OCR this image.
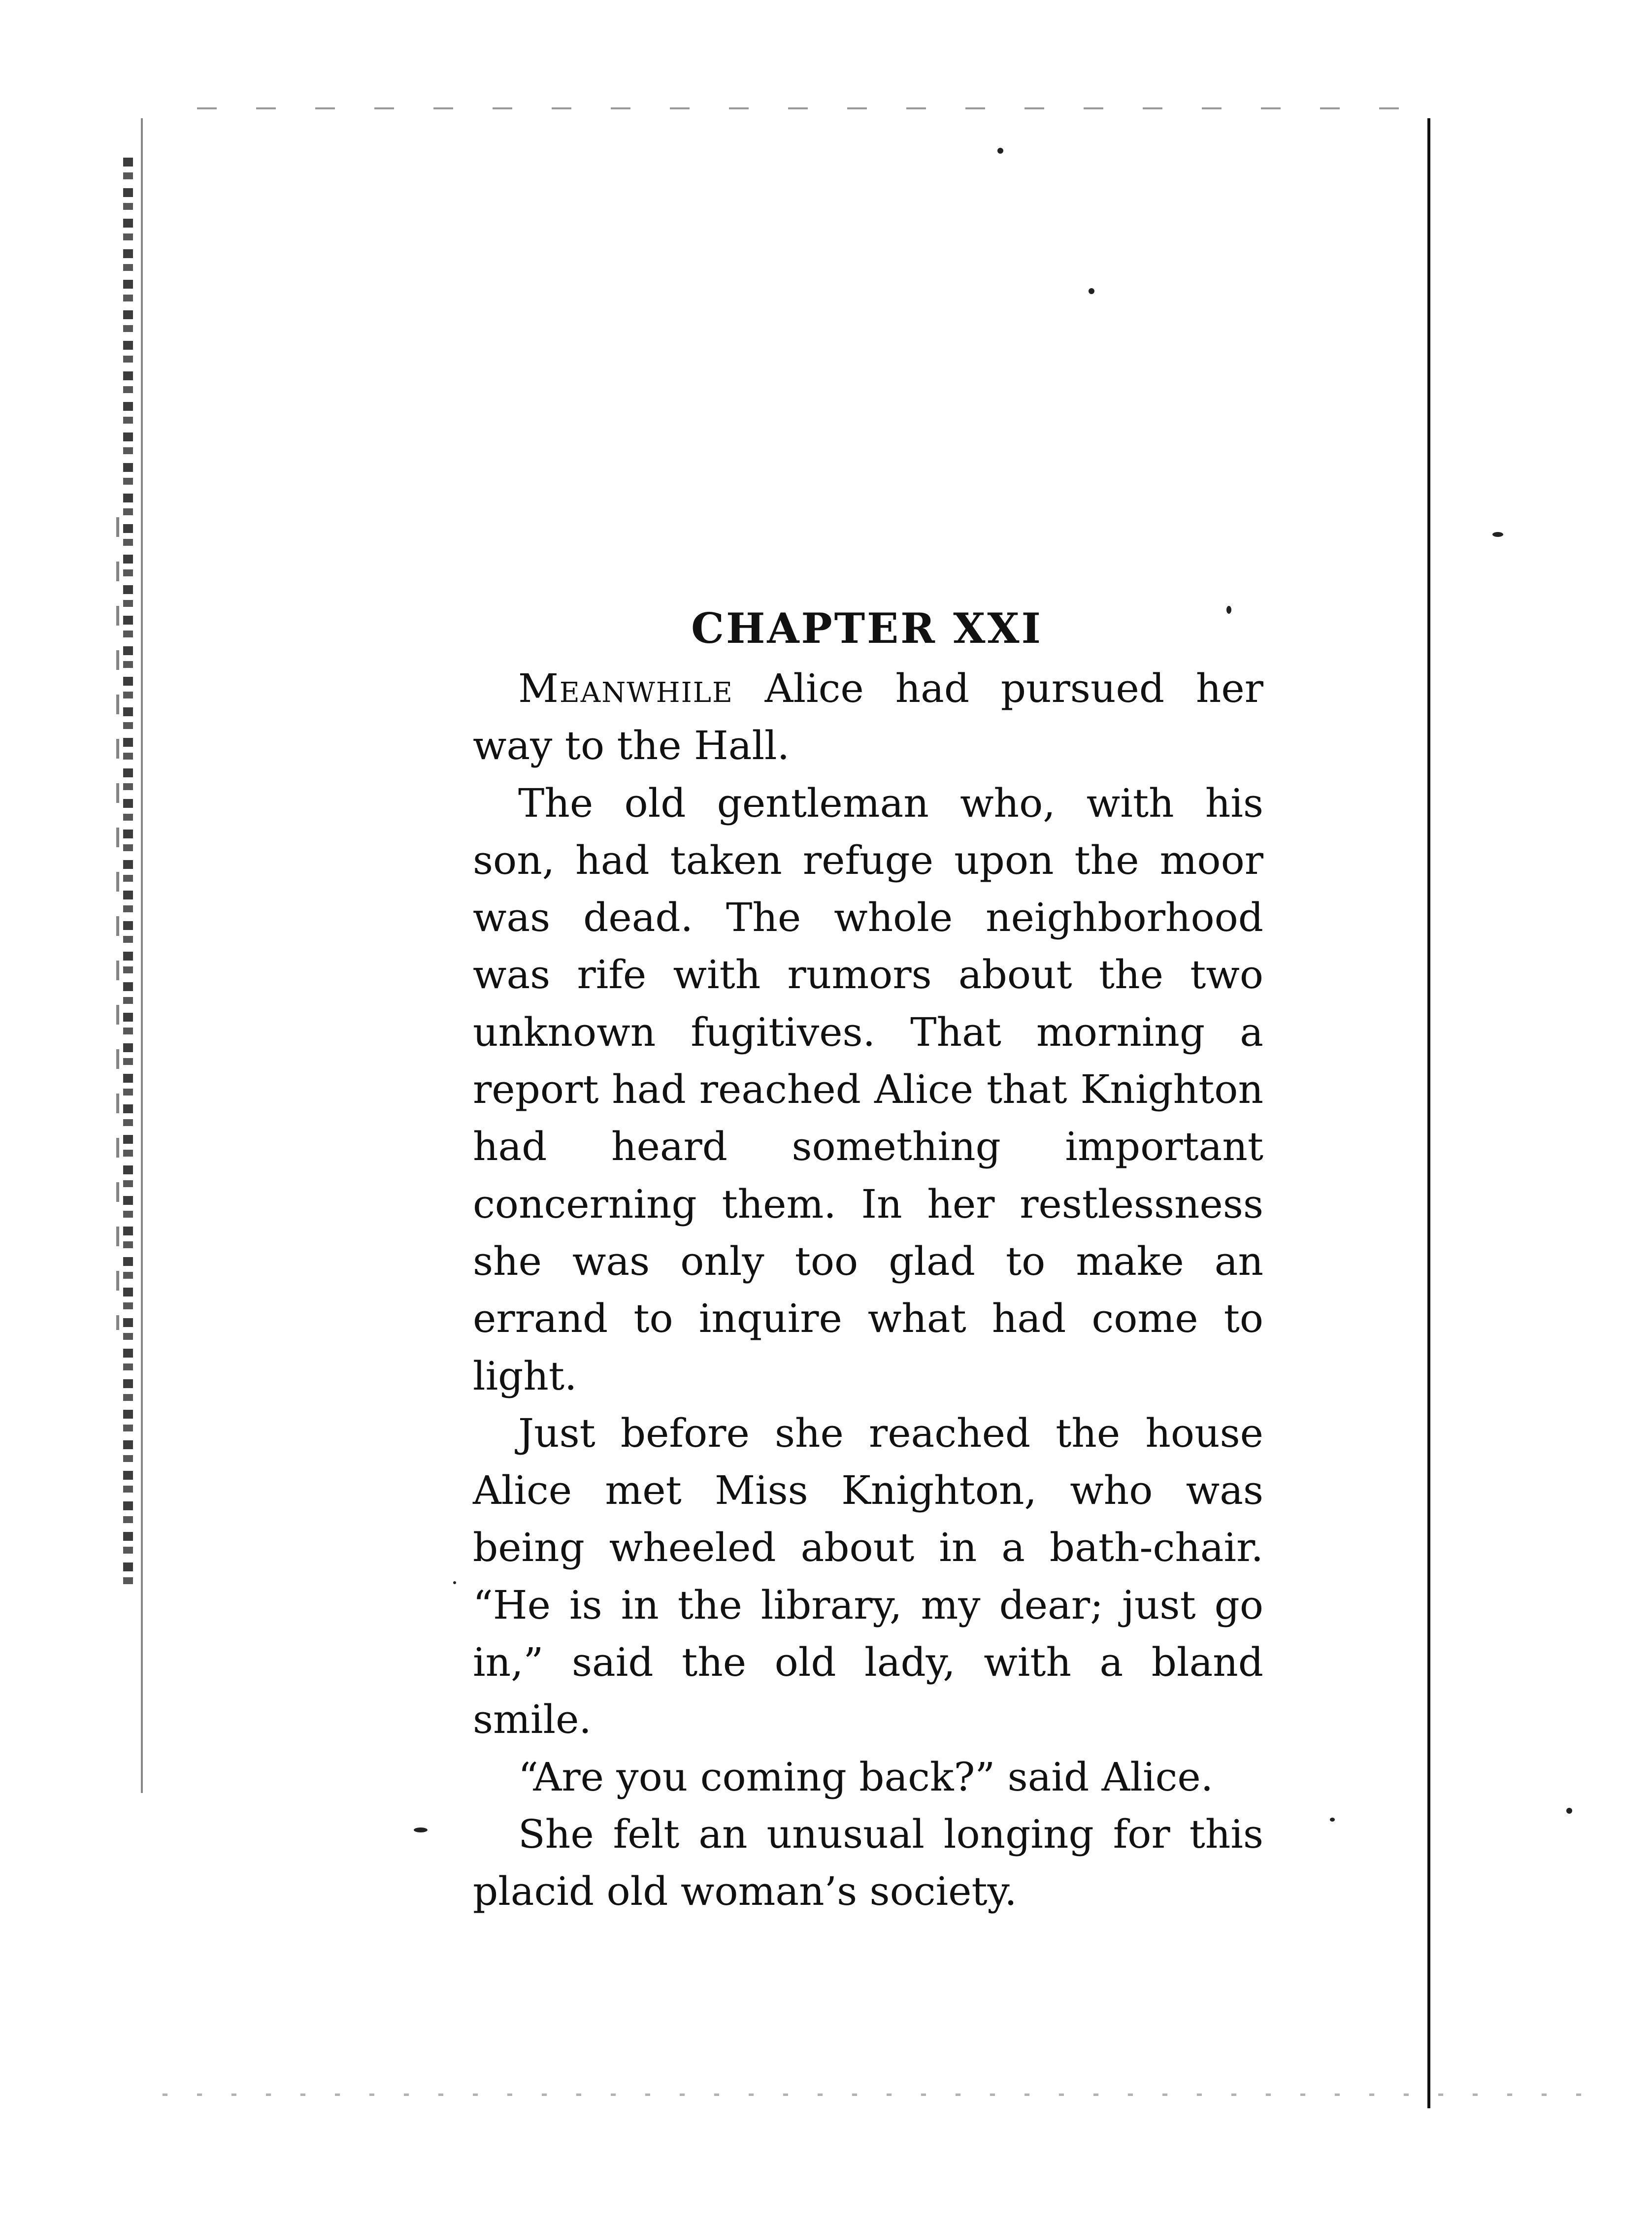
CHAPTER XXI

Meanwhile Alice had pursued her way to the Hall.

The old gentleman who, with his son, had taken refuge upon the moor was dead. The whole neighborhood was rife with rumors about the two unknown fugitives. That morning a report had reached Alice that Knighton had heard something important concerning them. In her restlessness she was only too glad to make an errand to inquire what had come to light.

Just before she reached the house Alice met Miss Knighton, who was being wheeled about in a bath-chair. “He is in the library, my dear; just go in,” said the old lady, with a bland smile.

“Are you coming back?” said Alice.

She felt an unusual longing for this placid old woman’s society.
